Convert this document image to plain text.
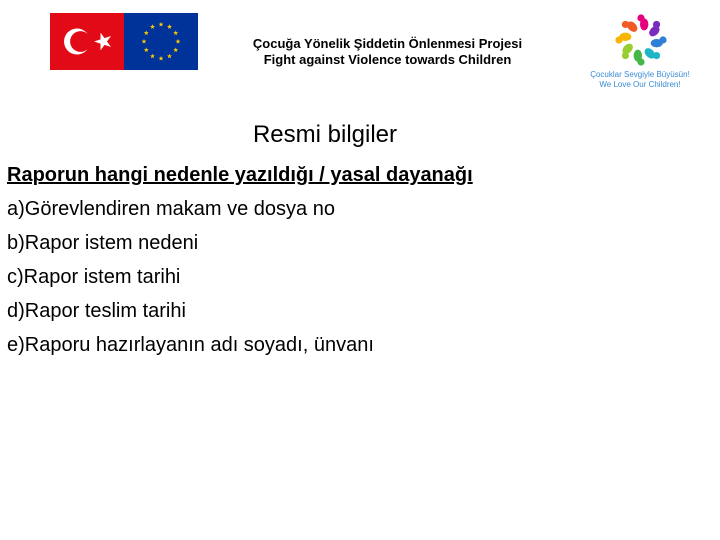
Çocuğa Yönelik Şiddetin Önlenmesi Projesi
Fight against Violence towards Children
Çocuklar Sevgiyle Büyüsün!
We Love Our Children!
Resmi bilgiler
Raporun hangi nedenle yazıldığı / yasal dayanağı
a)Görevlendiren makam ve dosya no
b)Rapor istem nedeni
c)Rapor istem tarihi
d)Rapor teslim tarihi
e)Raporu hazırlayanın adı soyadı, ünvanı
